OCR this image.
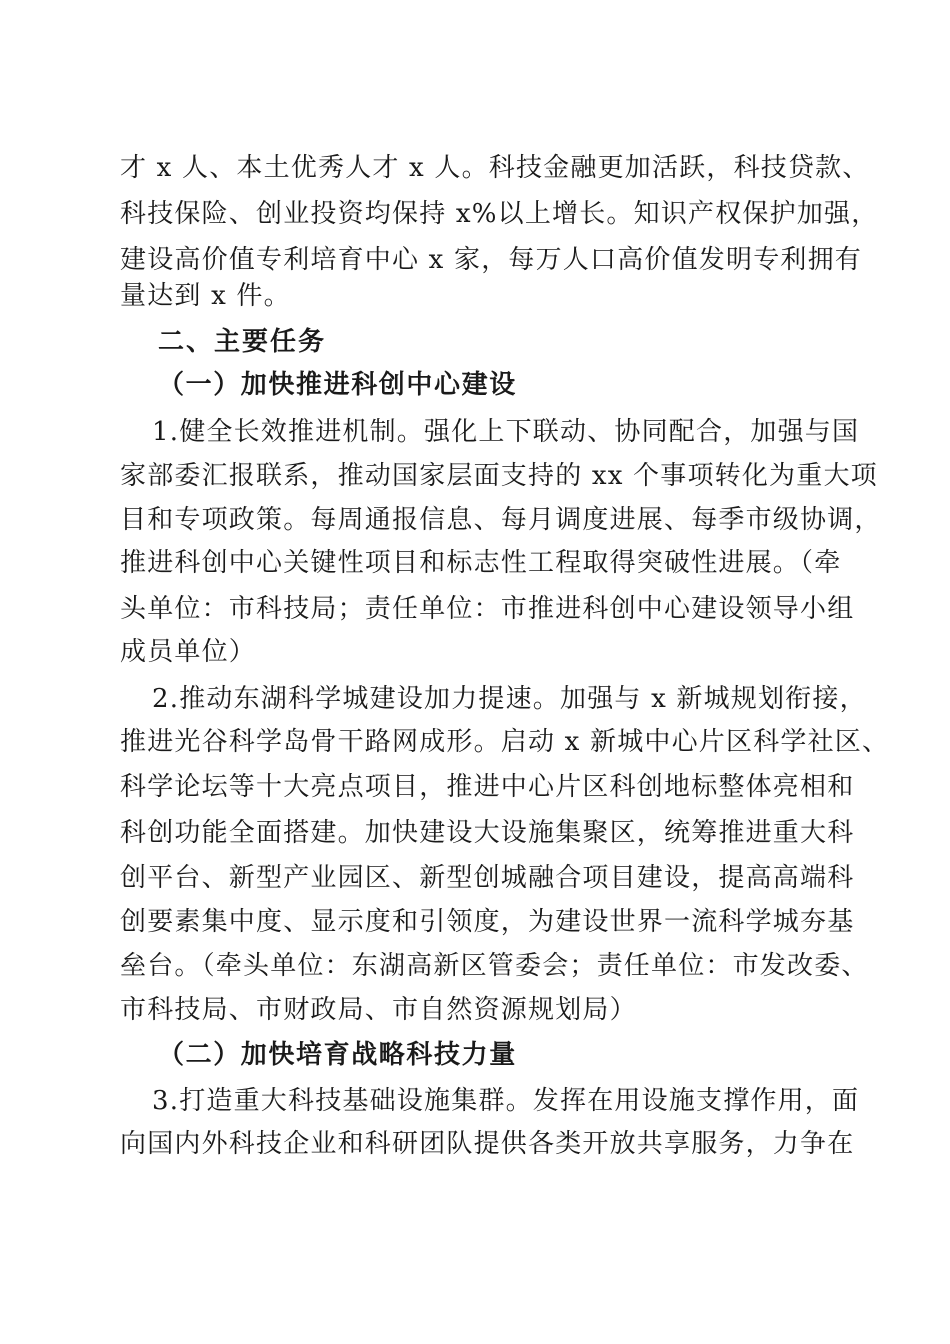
才 x 人、本土优秀人才 x 人。科技金融更加活跃，科技贷款、
科技保险、创业投资均保持 x%以上增长。知识产权保护加强，
建设高价值专利培育中心 x 家，每万人口高价值发明专利拥有
量达到 x 件。
二、主要任务
（一）加快推进科创中心建设
1.健全长效推进机制。强化上下联动、协同配合，加强与国
家部委汇报联系，推动国家层面支持的 xx 个事项转化为重大项
目和专项政策。每周通报信息、每月调度进展、每季市级协调，
推进科创中心关键性项目和标志性工程取得突破性进展。（牵
头单位：市科技局；责任单位：市推进科创中心建设领导小组
成员单位）
2.推动东湖科学城建设加力提速。加强与 x 新城规划衔接，
推进光谷科学岛骨干路网成形。启动 x 新城中心片区科学社区、
科学论坛等十大亮点项目，推进中心片区科创地标整体亮相和
科创功能全面搭建。加快建设大设施集聚区，统筹推进重大科
创平台、新型产业园区、新型创城融合项目建设，提高高端科
创要素集中度、显示度和引领度，为建设世界一流科学城夯基
垒台。（牵头单位：东湖高新区管委会；责任单位：市发改委、
市科技局、市财政局、市自然资源规划局）
（二）加快培育战略科技力量
3.打造重大科技基础设施集群。发挥在用设施支撑作用，面
向国内外科技企业和科研团队提供各类开放共享服务，力争在
